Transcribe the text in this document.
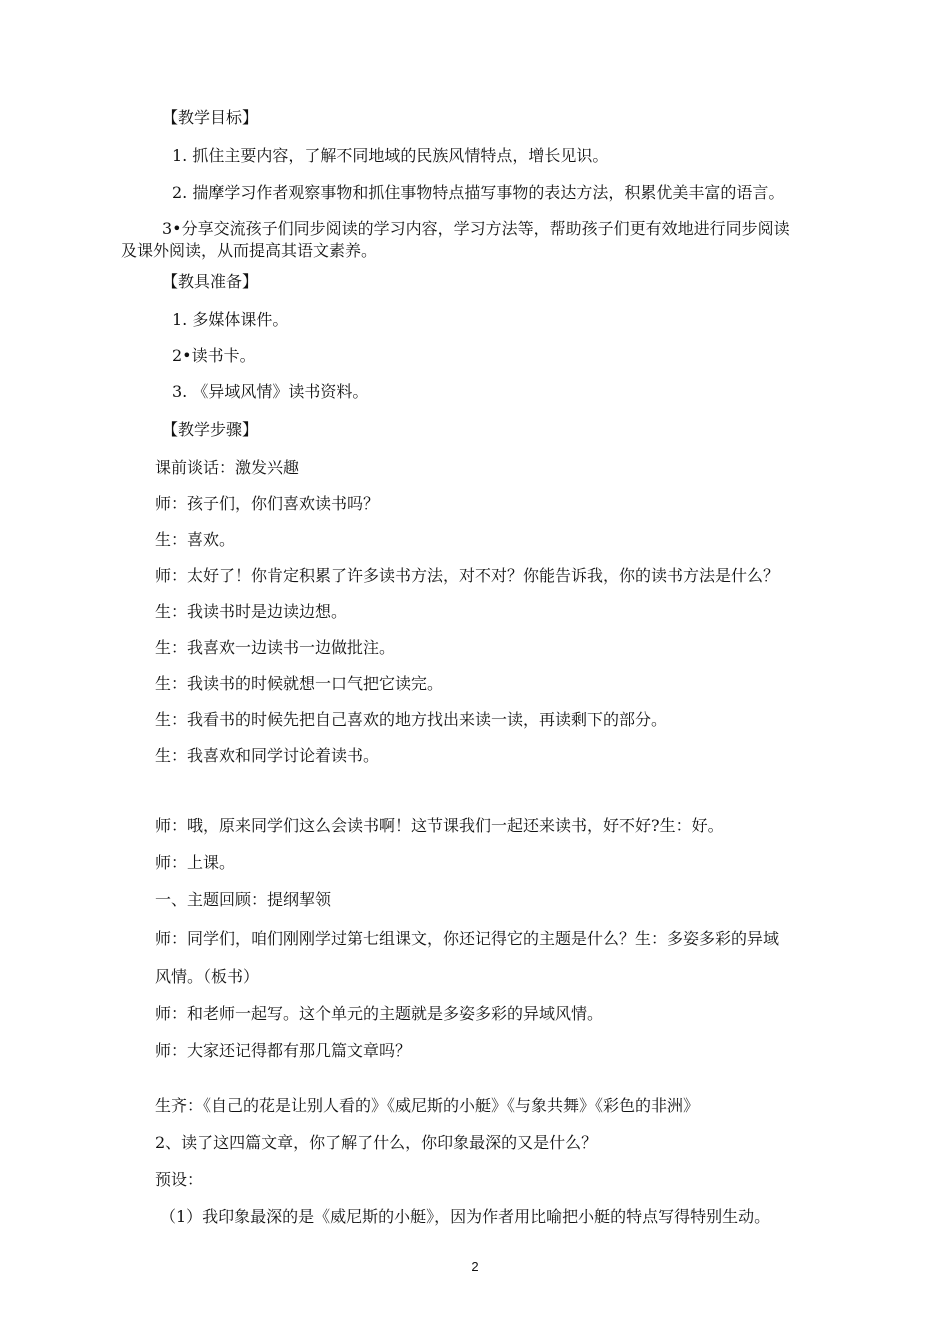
【教学目标】

1. 抓住主要内容，了解不同地域的民族风情特点，增长见识。

2. 揣摩学习作者观察事物和抓住事物特点描写事物的表达方法，积累优美丰富的语言。

3•分享交流孩子们同步阅读的学习内容，学习方法等，帮助孩子们更有效地进行同步阅读

及课外阅读，从而提高其语文素养。

【教具准备】

1. 多媒体课件。

2•读书卡。

3. 《异域风情》读书资料。

【教学步骤】

课前谈话：激发兴趣

师：孩子们，你们喜欢读书吗？

生：喜欢。

师：太好了！你肯定积累了许多读书方法，对不对？你能告诉我，你的读书方法是什么？

生：我读书时是边读边想。

生：我喜欢一边读书一边做批注。

生：我读书的时候就想一口气把它读完。

生：我看书的时候先把自己喜欢的地方找出来读一读，再读剩下的部分。

生：我喜欢和同学讨论着读书。

师：哦，原来同学们这么会读书啊！这节课我们一起还来读书，好不好?生：好。

师：上课。

一、主题回顾：提纲挈领

师：同学们，咱们刚刚学过第七组课文，你还记得它的主题是什么？生：多姿多彩的异域

风情。（板书）

师：和老师一起写。这个单元的主题就是多姿多彩的异域风情。

师：大家还记得都有那几篇文章吗？

生齐：《自己的花是让别人看的》《威尼斯的小艇》《与象共舞》《彩色的非洲》

2、读了这四篇文章，你了解了什么，你印象最深的又是什么？

预设：

（1）我印象最深的是《威尼斯的小艇》，因为作者用比喻把小艇的特点写得特别生动。

2
